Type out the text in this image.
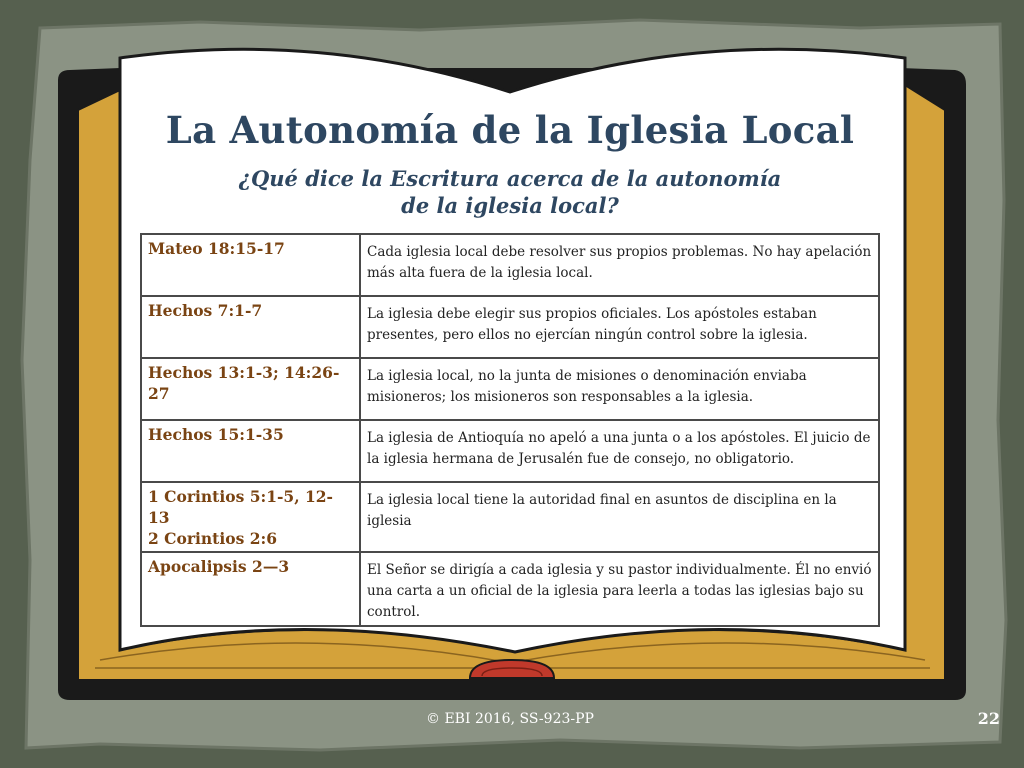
La Autonomía de la Iglesia Local
¿Qué dice la Escritura acerca de la autonomía
de la iglesia local?
Mateo 18:15-17	Cada iglesia local debe resolver sus propios problemas. No hay apelación más alta fuera de la iglesia local.

Hechos 7:1-7	La iglesia debe elegir sus propios oficiales. Los apóstoles estaban presentes, pero ellos no ejercían ningún control sobre la iglesia.

Hechos 13:1-3; 14:26-27	La iglesia local, no la junta de misiones o denominación enviaba misioneros; los misioneros son responsables a la iglesia.

Hechos 15:1-35	La iglesia de Antioquía no apeló a una junta o a los apóstoles. El juicio de la iglesia hermana de Jerusalén fue de consejo, no obligatorio.

1 Corintios 5:1-5, 12-13
2 Corintios 2:6	La iglesia local tiene la autoridad final en asuntos de disciplina en la iglesia

Apocalipsis 2—3	El Señor se dirigía a cada iglesia y su pastor individualmente. Él no envió una carta a un oficial de la iglesia para leerla a todas las iglesias bajo su control.
© EBI 2016, SS-923-PP	22
